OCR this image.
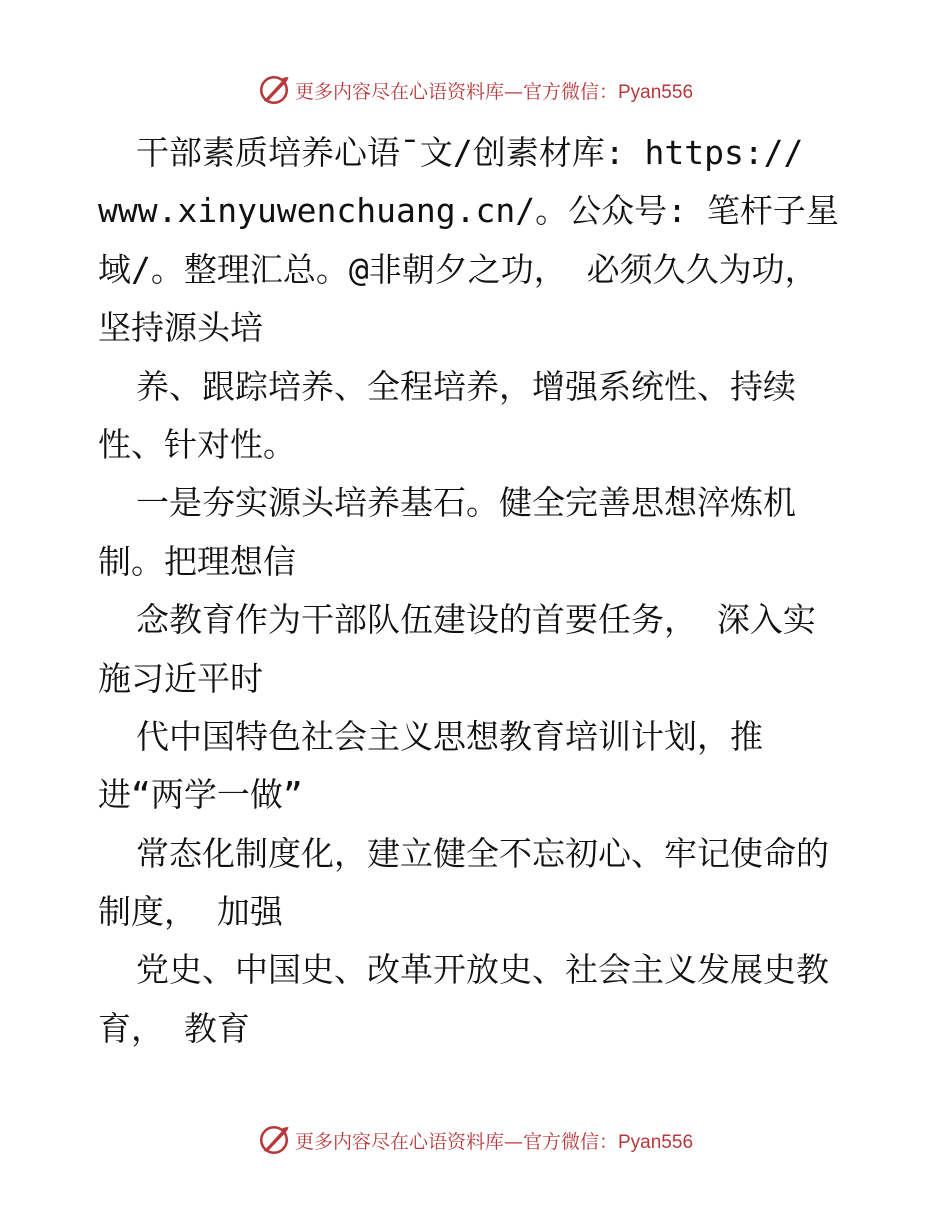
更多内容尽在心语资料库—官方微信：Pyan556
干部素质培养心语¯文/创素材库: https://
www.xinyuwenchuang.cn/。公众号: 笔杆子星
域/。整理汇总。@非朝夕之功， 必须久久为功，
坚持源头培
养、跟踪培养、全程培养，增强系统性、持续
性、针对性。
一是夯实源头培养基石。健全完善思想淬炼机
制。把理想信
念教育作为干部队伍建设的首要任务， 深入实
施习近平时
代中国特色社会主义思想教育培训计划，推
进“两学一做”
常态化制度化，建立健全不忘初心、牢记使命的
制度， 加强
党史、中国史、改革开放史、社会主义发展史教
育， 教育
更多内容尽在心语资料库—官方微信：Pyan556
